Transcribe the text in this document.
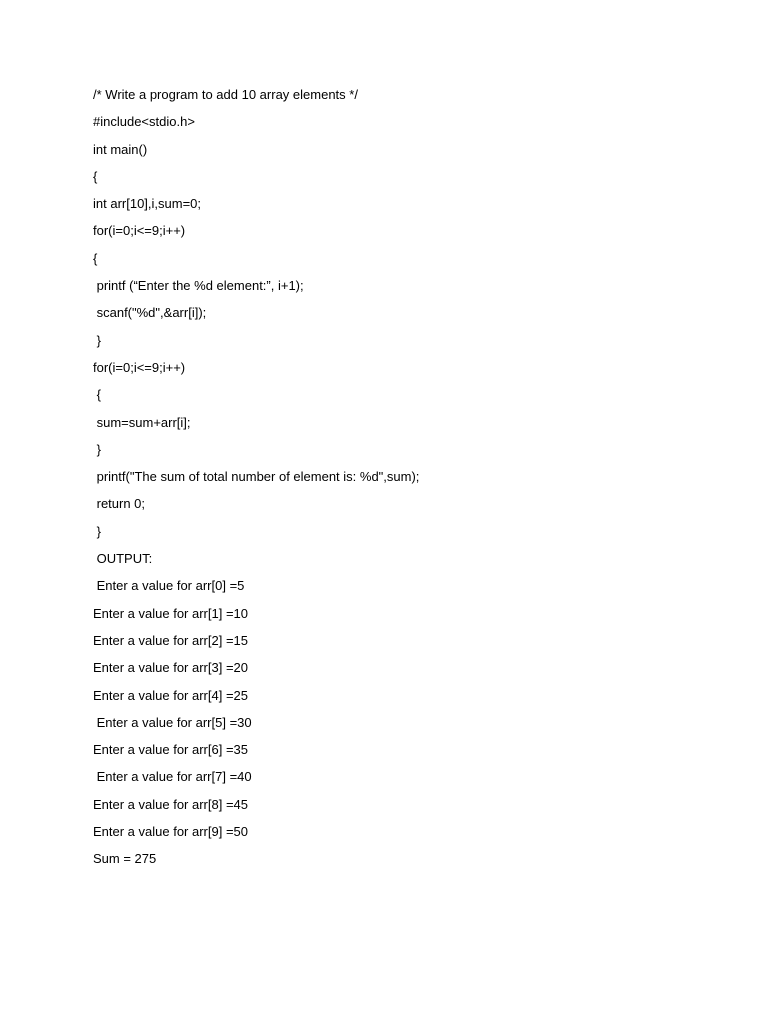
/* Write a program to add 10 array elements */

#include<stdio.h>

int main()

{

int arr[10],i,sum=0;

for(i=0;i<=9;i++)

{

printf (“Enter the %d element:”, i+1);

scanf("%d",&arr[i]);

}

for(i=0;i<=9;i++)

{

sum=sum+arr[i];

}

printf("The sum of total number of element is: %d",sum);

return 0;

}

OUTPUT:

Enter a value for arr[0] =5

Enter a value for arr[1] =10

Enter a value for arr[2] =15

Enter a value for arr[3] =20

Enter a value for arr[4] =25

Enter a value for arr[5] =30

Enter a value for arr[6] =35

Enter a value for arr[7] =40

Enter a value for arr[8] =45

Enter a value for arr[9] =50

Sum = 275
